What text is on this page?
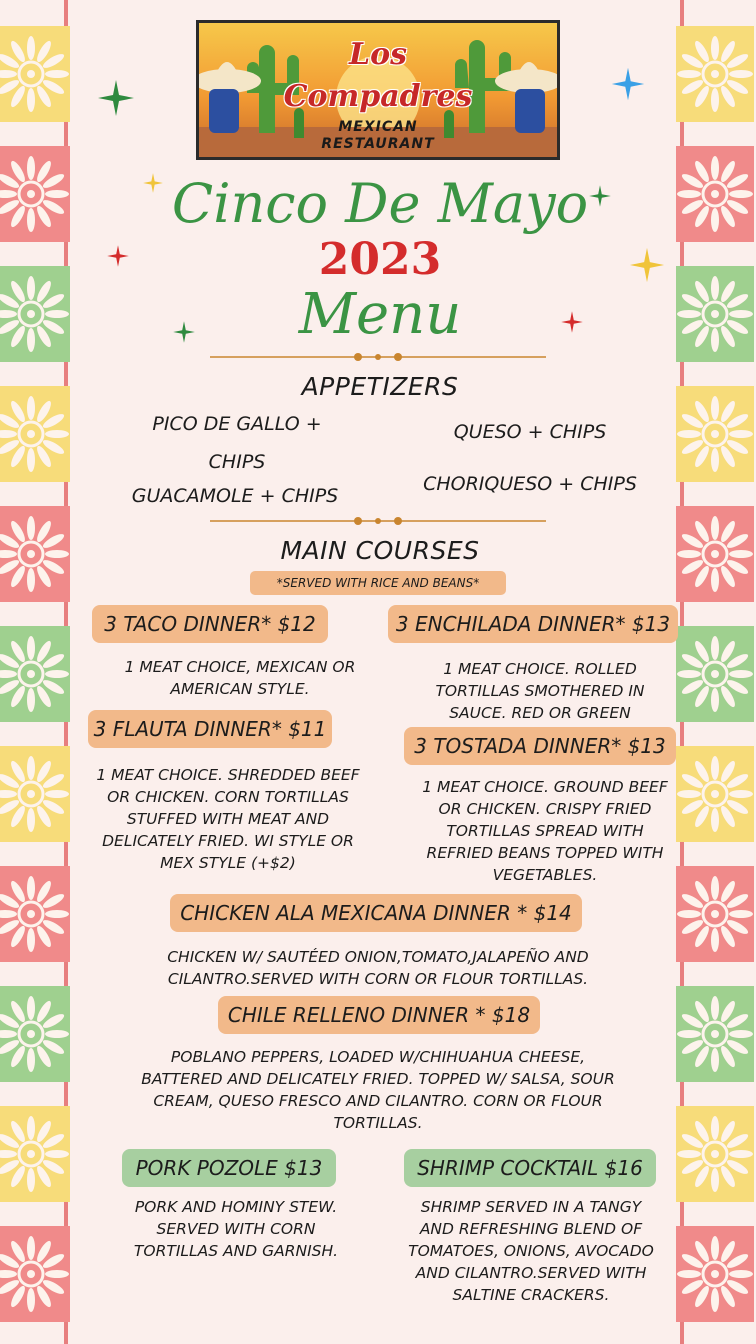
Los
Compadres
MEXICAN
RESTAURANT
Cinco De Mayo
2023
Menu
APPETIZERS
PICO DE GALLO +
CHIPS
GUACAMOLE + CHIPS
QUESO + CHIPS
CHORIQUESO + CHIPS
MAIN COURSES
*SERVED WITH RICE AND BEANS*
3 TACO DINNER* $12
1 MEAT CHOICE, MEXICAN OR
AMERICAN STYLE.
3 ENCHILADA DINNER* $13
1 MEAT CHOICE. ROLLED
TORTILLAS SMOTHERED IN
SAUCE. RED OR GREEN
3 FLAUTA DINNER* $11
1 MEAT CHOICE. SHREDDED BEEF
OR CHICKEN. CORN TORTILLAS
STUFFED WITH MEAT AND
DELICATELY FRIED. WI STYLE OR
MEX STYLE (+$2)
3 TOSTADA DINNER* $13
1 MEAT CHOICE. GROUND BEEF
OR CHICKEN. CRISPY FRIED
TORTILLAS SPREAD WITH
REFRIED BEANS TOPPED WITH
VEGETABLES.
CHICKEN ALA MEXICANA DINNER * $14
CHICKEN W/ SAUTÉED ONION,TOMATO,JALAPEÑO AND
CILANTRO.SERVED WITH CORN OR FLOUR TORTILLAS.
CHILE RELLENO DINNER * $18
POBLANO PEPPERS, LOADED W/CHIHUAHUA CHEESE,
BATTERED AND DELICATELY FRIED. TOPPED W/ SALSA, SOUR
CREAM, QUESO FRESCO AND CILANTRO. CORN OR FLOUR
TORTILLAS.
PORK POZOLE $13
PORK AND HOMINY STEW.
SERVED WITH CORN
TORTILLAS AND GARNISH.
SHRIMP COCKTAIL $16
SHRIMP SERVED IN A TANGY
AND REFRESHING BLEND OF
TOMATOES, ONIONS, AVOCADO
AND CILANTRO.SERVED WITH
SALTINE CRACKERS.
